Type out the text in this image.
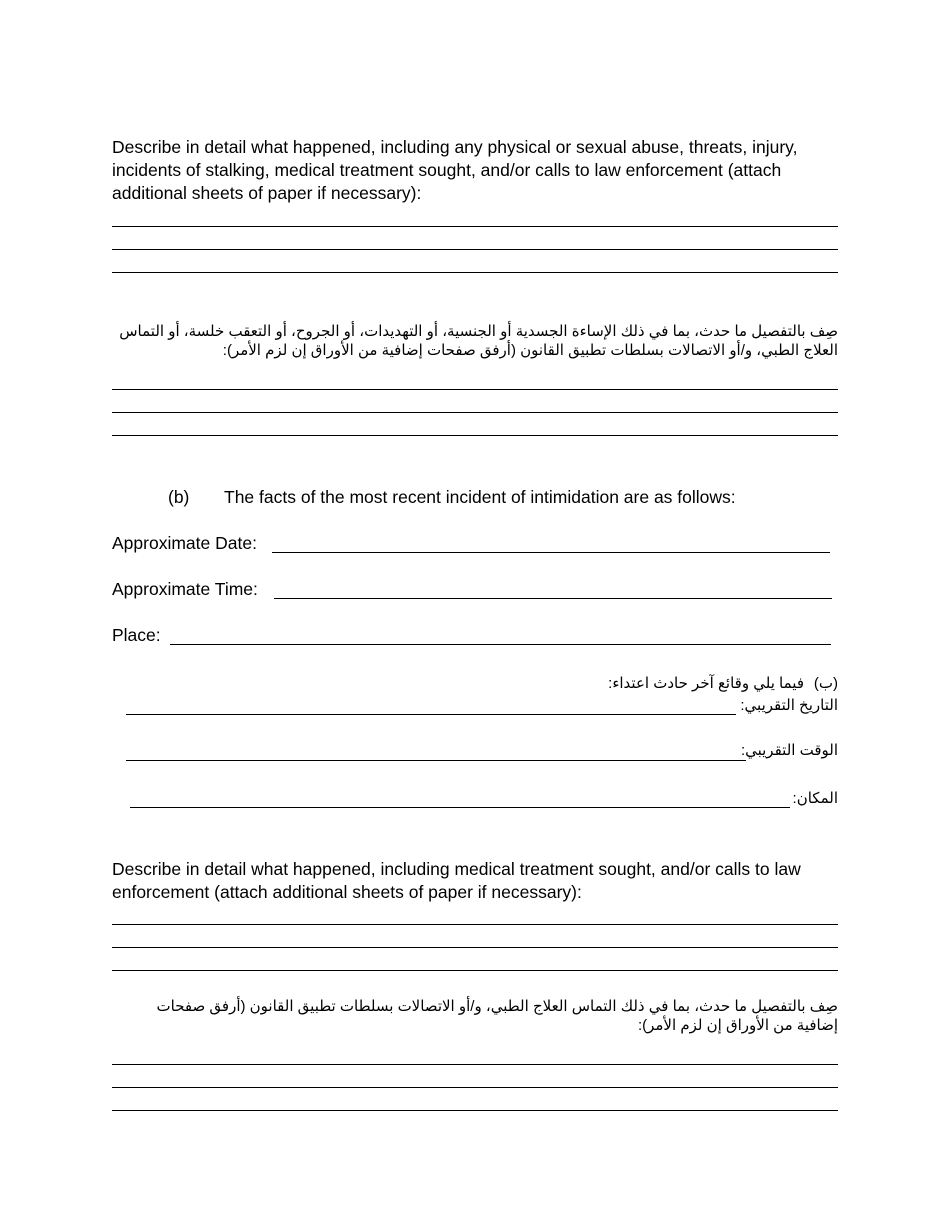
Describe in detail what happened, including any physical or sexual abuse, threats, injury, incidents of stalking, medical treatment sought, and/or calls to law enforcement (attach additional sheets of paper if necessary):
صِف بالتفصيل ما حدث، بما في ذلك الإساءة الجسدية أو الجنسية، أو التهديدات، أو الجروح، أو التعقب خلسة، أو التماس العلاج الطبي، و/أو الاتصالات بسلطات تطبيق القانون (أرفق صفحات إضافية من الأوراق إن لزم الأمر):
(b) The facts of the most recent incident of intimidation are as follows:
Approximate Date:
Approximate Time:
Place:
(ب)
فيما يلي وقائع آخر حادث اعتداء:
التاريخ التقريبي:
الوقت التقريبي:
المكان:
Describe in detail what happened, including medical treatment sought, and/or calls to law enforcement (attach additional sheets of paper if necessary):
صِف بالتفصيل ما حدث، بما في ذلك التماس العلاج الطبي، و/أو الاتصالات بسلطات تطبيق القانون (أرفق صفحات إضافية من الأوراق إن لزم الأمر):
